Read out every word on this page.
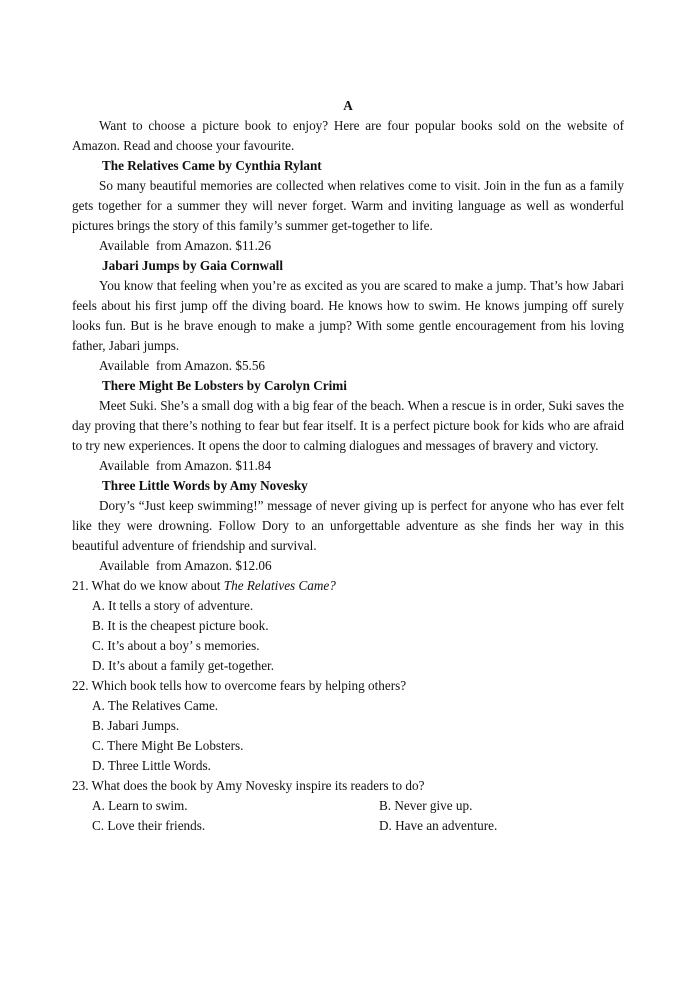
A

Want to choose a picture book to enjoy? Here are four popular books sold on the website of Amazon. Read and choose your favourite.

The Relatives Came by Cynthia Rylant

So many beautiful memories are collected when relatives come to visit. Join in the fun as a family gets together for a summer they will never forget. Warm and inviting language as well as wonderful pictures brings the story of this family’s summer get-together to life.

Available  from Amazon. $11.26

Jabari Jumps by Gaia Cornwall

You know that feeling when you’re as excited as you are scared to make a jump. That’s how Jabari feels about his first jump off the diving board. He knows how to swim. He knows jumping off surely looks fun. But is he brave enough to make a jump? With some gentle encouragement from his loving father, Jabari jumps.

Available  from Amazon. $5.56

There Might Be Lobsters by Carolyn Crimi

Meet Suki. She’s a small dog with a big fear of the beach. When a rescue is in order, Suki saves the day proving that there’s nothing to fear but fear itself. It is a perfect picture book for kids who are afraid to try new experiences. It opens the door to calming dialogues and messages of bravery and victory.

Available  from Amazon. $11.84

Three Little Words by Amy Novesky

Dory’s “Just keep swimming!” message of never giving up is perfect for anyone who has ever felt like they were drowning. Follow Dory to an unforgettable adventure as she finds her way in this beautiful adventure of friendship and survival.

Available  from Amazon. $12.06

21. What do we know about The Relatives Came?

A. It tells a story of adventure.

B. It is the cheapest picture book.

C. It’s about a boy’ s memories.

D. It’s about a family get-together.

22. Which book tells how to overcome fears by helping others?

A. The Relatives Came.

B. Jabari Jumps.

C. There Might Be Lobsters.

D. Three Little Words.

23. What does the book by Amy Novesky inspire its readers to do?

A. Learn to swim.	B. Never give up.
C. Love their friends.	D. Have an adventure.
